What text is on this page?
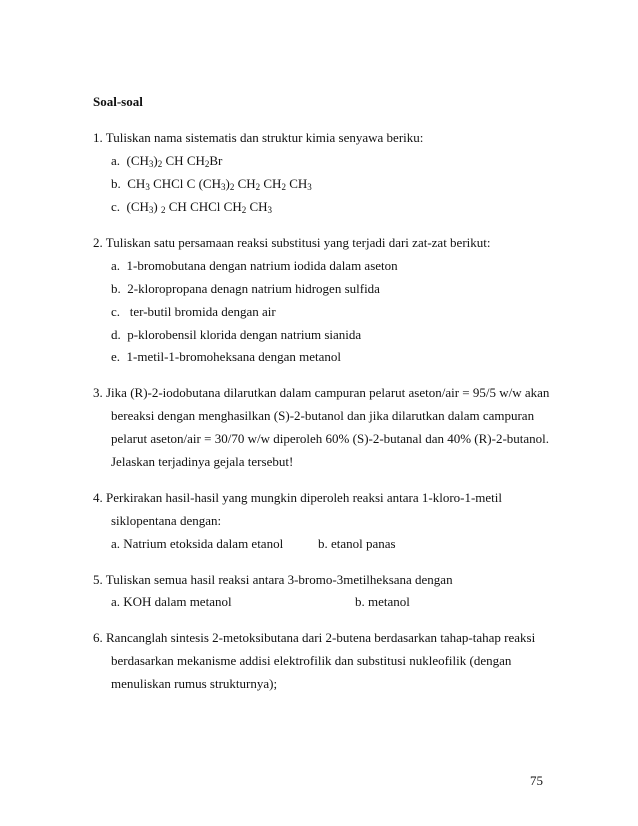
Soal-soal
1. Tuliskan nama sistematis dan struktur kimia senyawa beriku:
a. $(CH_3)_2$ CH $CH_2Br$
b. $CH_3$ CHCl C $(CH_3)_2$ $CH_2$ $CH_2$ $CH_3$
c. $(CH_3)$ $_2$ CH CHCl $CH_2$ $CH_3$
2. Tuliskan satu persamaan reaksi substitusi yang terjadi dari zat-zat berikut:
a. 1-bromobutana dengan natrium iodida dalam aseton
b. 2-kloropropana denagn natrium hidrogen sulfida
c. ter-butil bromida dengan air
d. p-klorobensil klorida dengan natrium sianida
e. 1-metil-1-bromoheksana dengan metanol
3. Jika (R)-2-iodobutana dilarutkan dalam campuran pelarut aseton/air = 95/5 w/w akan
bereaksi dengan menghasilkan (S)-2-butanol dan jika dilarutkan dalam campuran
pelarut aseton/air = 30/70 w/w diperoleh 60% (S)-2-butanal dan 40% (R)-2-butanol.
Jelaskan terjadinya gejala tersebut!
4. Perkirakan hasil-hasil yang mungkin diperoleh reaksi antara 1-kloro-1-metil
siklopentana dengan:
a. Natrium etoksida dalam etanol	b. etanol panas
5. Tuliskan semua hasil reaksi antara 3-bromo-3metilheksana dengan
a. KOH dalam metanol	b. metanol
6. Rancanglah sintesis 2-metoksibutana dari 2-butena berdasarkan tahap-tahap reaksi
berdasarkan mekanisme addisi elektrofilik dan substitusi nukleofilik (dengan
menuliskan rumus strukturnya);
75
